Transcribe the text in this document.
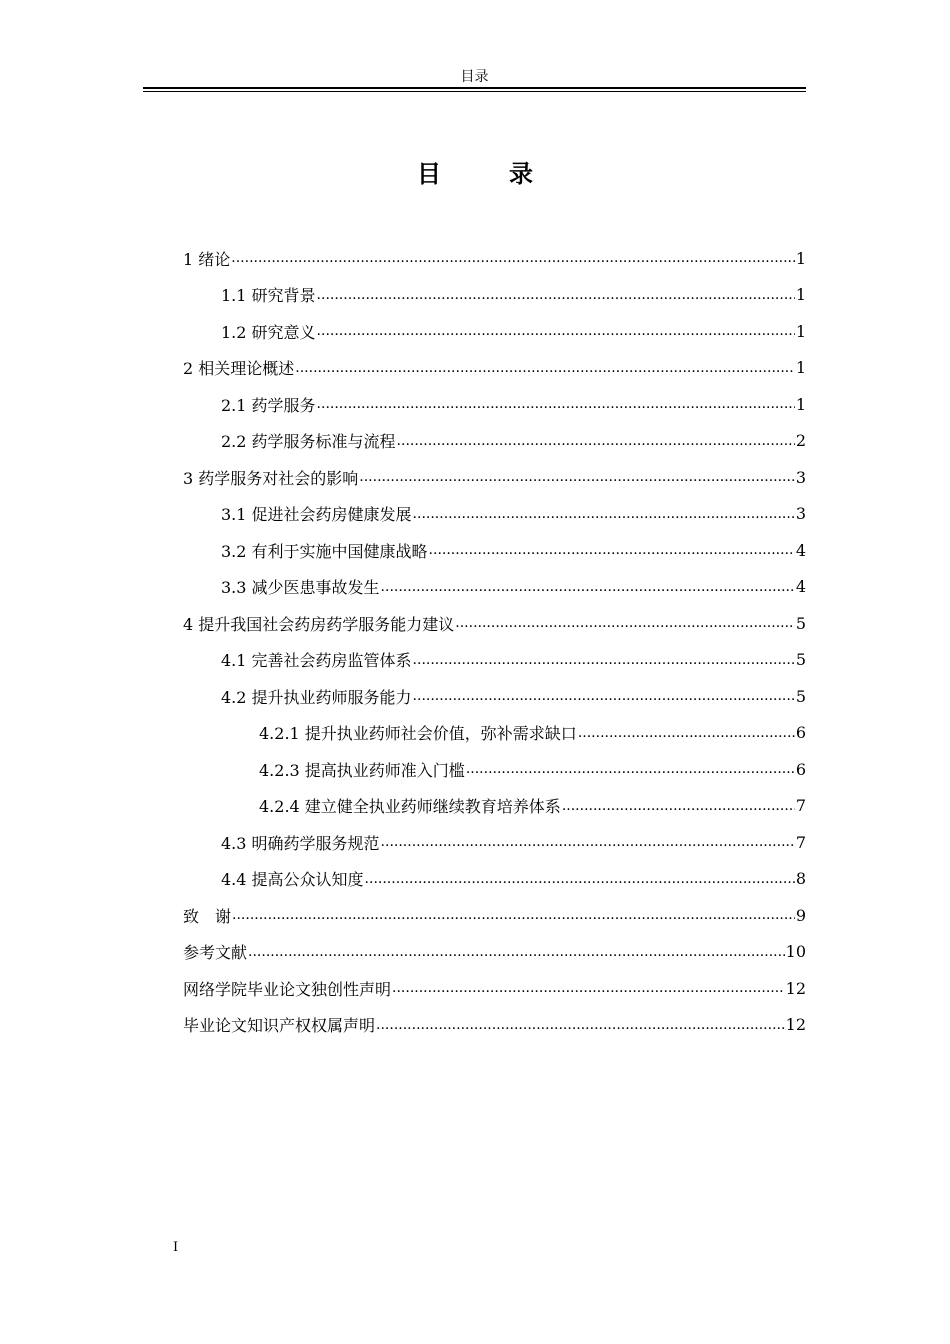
目录
目　录
1 绪论 .....	1
1.1 研究背景 .....	1
1.2 研究意义 .....	1
2 相关理论概述 .....	1
2.1 药学服务 .....	1
2.2 药学服务标准与流程 .....	2
3 药学服务对社会的影响 .....	3
3.1 促进社会药房健康发展 .....	3
3.2 有利于实施中国健康战略 .....	4
3.3 减少医患事故发生 .....	4
4 提升我国社会药房药学服务能力建议 .....	5
4.1 完善社会药房监管体系 .....	5
4.2 提升执业药师服务能力 .....	5
4.2.1 提升执业药师社会价值，弥补需求缺口 .....	6
4.2.3 提高执业药师准入门槛 .....	6
4.2.4 建立健全执业药师继续教育培养体系 .....	7
4.3 明确药学服务规范 .....	7
4.4 提高公众认知度 .....	8
致　谢 .....	9
参考文献 .....	10
网络学院毕业论文独创性声明 .....	12
毕业论文知识产权权属声明 .....	12
I
